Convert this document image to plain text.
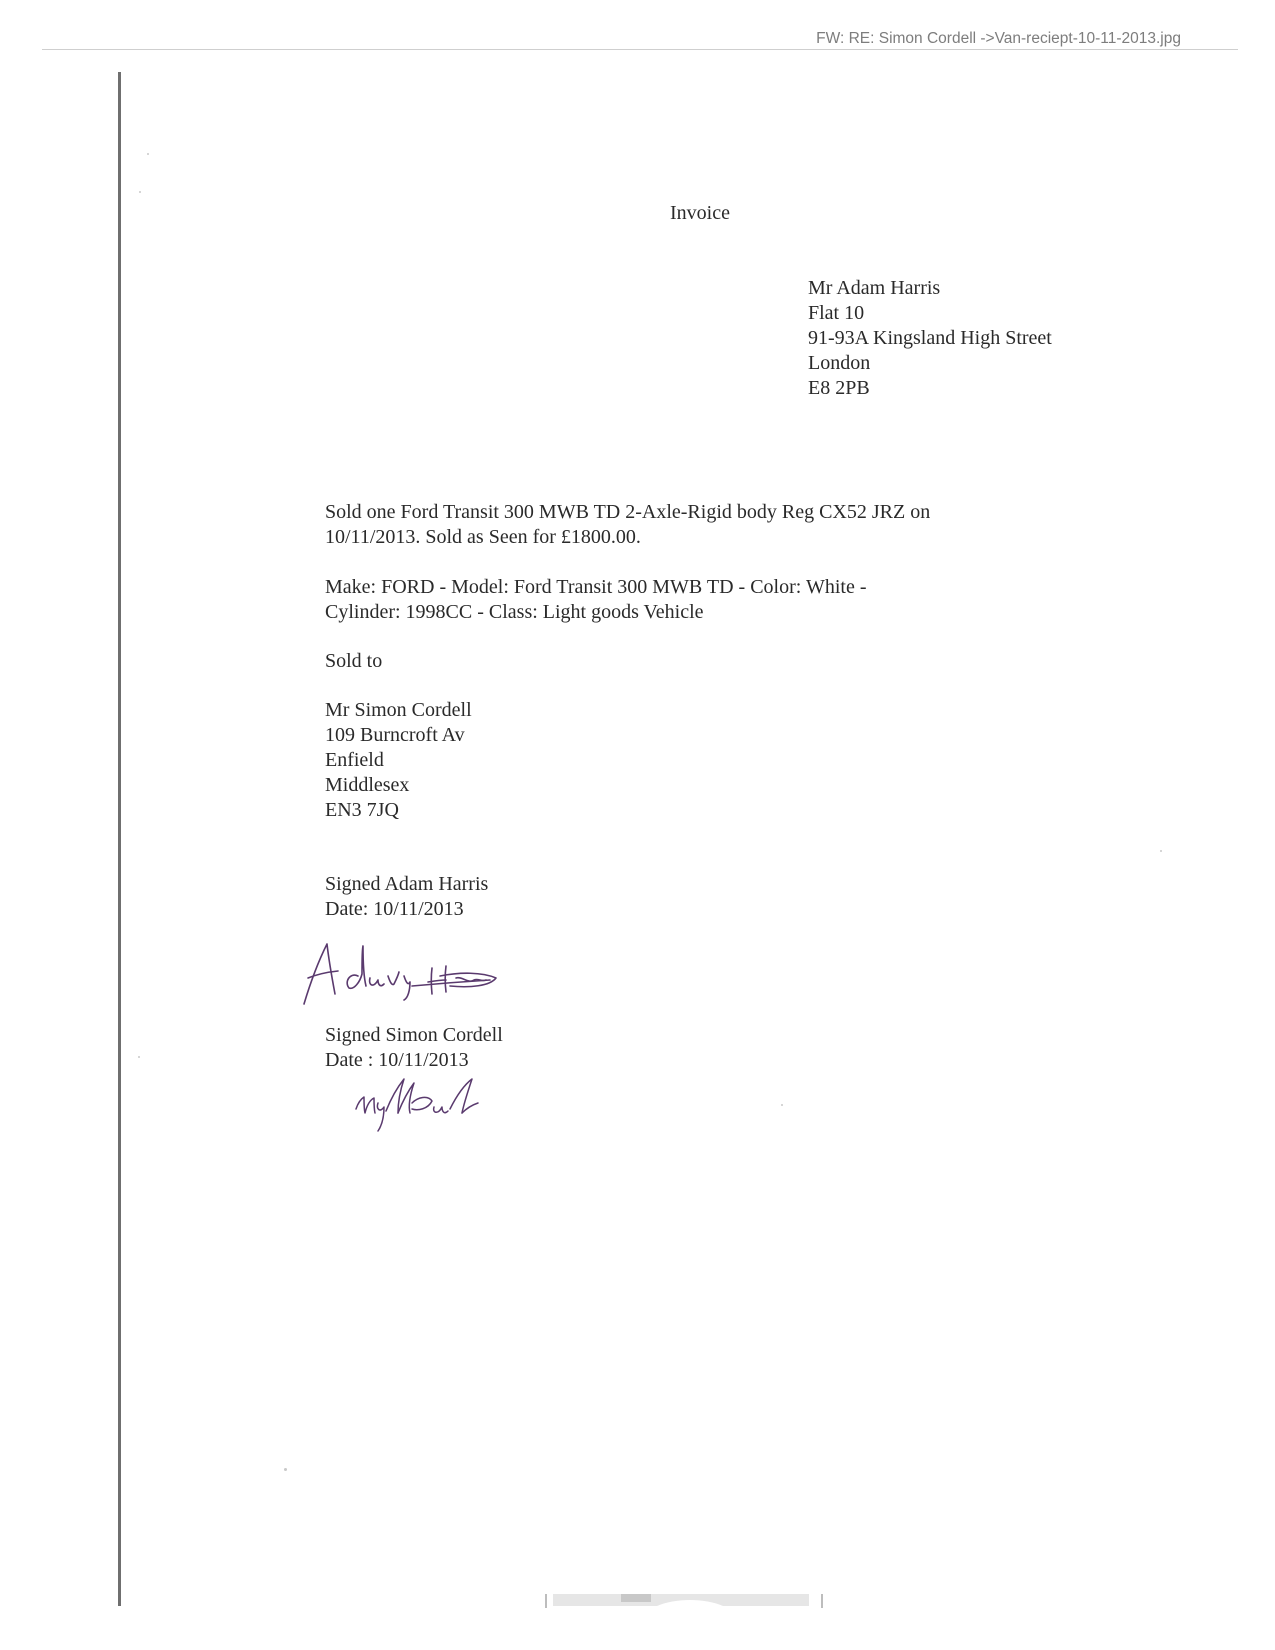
FW: RE: Simon Cordell ->Van-reciept-10-11-2013.jpg
Invoice
Mr Adam Harris
Flat 10
91-93A Kingsland High Street
London
E8 2PB
Sold one Ford Transit 300 MWB TD 2-Axle-Rigid body Reg CX52 JRZ on
10/11/2013. Sold as Seen for £1800.00.
Make: FORD - Model: Ford Transit 300 MWB TD - Color: White -
Cylinder: 1998CC - Class: Light goods Vehicle
Sold to
Mr Simon Cordell
109 Burncroft Av
Enfield
Middlesex
EN3 7JQ
Signed Adam Harris
Date: 10/11/2013
Signed Simon Cordell
Date : 10/11/2013
